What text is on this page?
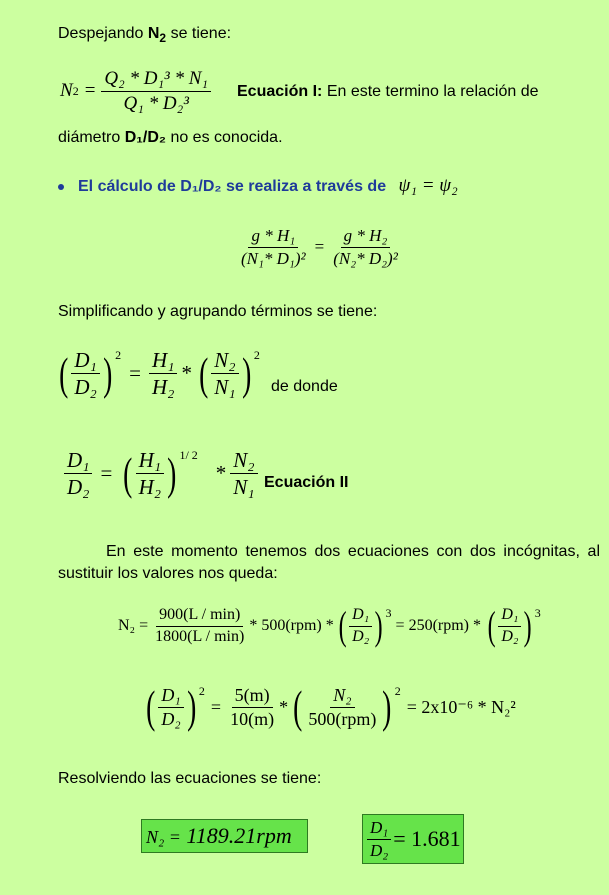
Despejando $N_2$ se tiene:
N $2 = \frac{\text{Q₂ * D₁³ * N₁}}{\text{Q₁ * D₂³}}$ Ecuación I: En este termino la relación de
diámetro D₁/D₂ no es conocida.
El cálculo de D₁/D₂ se realiza a través de ψ₁ = ψ₂
$\frac{\text{g * H₁}}{\text{(N₁* D₁)²}} = \frac{\text{g * H₂}}{\text{(N₂* D₂)²}}$
Simplificando y agrupando términos se tiene:
( $\frac{\text{D₁}}{\text{D₂}}$ ) 2
= $\frac{\text{H₁}}{\text{H₂}}$ * ( $\frac{\text{N₂}}{\text{N₁}}$ ) 2
de donde
$\frac{\text{D₁}}{\text{D₂}}$ = ( $\frac{\text{H₁}}{\text{H₂}}$ ) 1/ 2
* $\frac{\text{N₂}}{\text{N₁}}$ Ecuación II
En este momento tenemos dos ecuaciones con dos incógnitas, al sustituir los valores nos queda:
$N_2 = \frac{900(L / \min)}{1800(L / \min)} * 500(rpm)$ * ( $\frac{\text{D₁}}{\text{D₂}}$ ) 3
= 250(rpm) * ( $\frac{\text{D₁}}{\text{D₂}}$ ) 3
( $\frac{\text{D₁}}{\text{D₂}}$ ) 2
= $\frac{5(m)}{10(m)}$ * ( $\frac{\text{N₂}}{\text{500(rpm)}}$ ) 2
= 2x10⁻⁶ * N₂²
Resolviendo las ecuaciones se tiene:
N₂ = 1189.21rpm	$\frac{\text{D₁}}{\text{D₂}} = 1.681$
